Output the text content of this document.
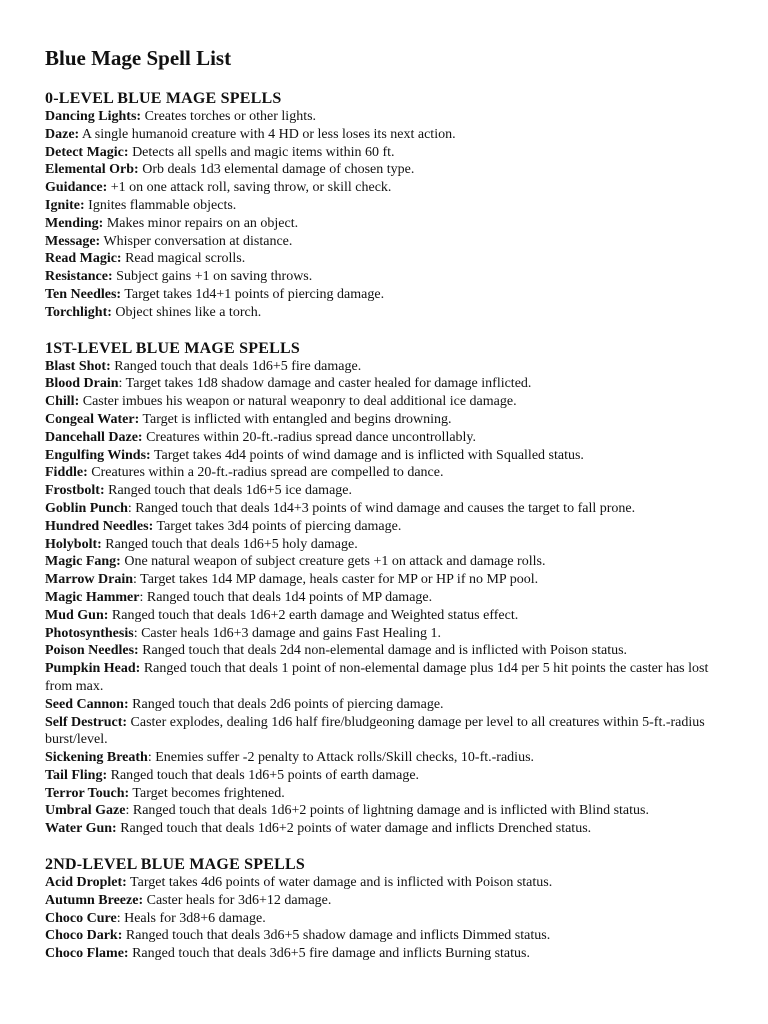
Blue Mage Spell List
0-LEVEL BLUE MAGE SPELLS
Dancing Lights: Creates torches or other lights.
Daze: A single humanoid creature with 4 HD or less loses its next action.
Detect Magic: Detects all spells and magic items within 60 ft.
Elemental Orb: Orb deals 1d3 elemental damage of chosen type.
Guidance: +1 on one attack roll, saving throw, or skill check.
Ignite: Ignites flammable objects.
Mending: Makes minor repairs on an object.
Message: Whisper conversation at distance.
Read Magic: Read magical scrolls.
Resistance: Subject gains +1 on saving throws.
Ten Needles: Target takes 1d4+1 points of piercing damage.
Torchlight: Object shines like a torch.
1ST-LEVEL BLUE MAGE SPELLS
Blast Shot: Ranged touch that deals 1d6+5 fire damage.
Blood Drain: Target takes 1d8 shadow damage and caster healed for damage inflicted.
Chill: Caster imbues his weapon or natural weaponry to deal additional ice damage.
Congeal Water: Target is inflicted with entangled and begins drowning.
Dancehall Daze: Creatures within 20-ft.-radius spread dance uncontrollably.
Engulfing Winds: Target takes 4d4 points of wind damage and is inflicted with Squalled status.
Fiddle: Creatures within a 20-ft.-radius spread are compelled to dance.
Frostbolt: Ranged touch that deals 1d6+5 ice damage.
Goblin Punch: Ranged touch that deals 1d4+3 points of wind damage and causes the target to fall prone.
Hundred Needles: Target takes 3d4 points of piercing damage.
Holybolt: Ranged touch that deals 1d6+5 holy damage.
Magic Fang: One natural weapon of subject creature gets +1 on attack and damage rolls.
Marrow Drain: Target takes 1d4 MP damage, heals caster for MP or HP if no MP pool.
Magic Hammer: Ranged touch that deals 1d4 points of MP damage.
Mud Gun: Ranged touch that deals 1d6+2 earth damage and Weighted status effect.
Photosynthesis: Caster heals 1d6+3 damage and gains Fast Healing 1.
Poison Needles: Ranged touch that deals 2d4 non-elemental damage and is inflicted with Poison status.
Pumpkin Head: Ranged touch that deals 1 point of non-elemental damage plus 1d4 per 5 hit points the caster has lost from max.
Seed Cannon: Ranged touch that deals 2d6 points of piercing damage.
Self Destruct: Caster explodes, dealing 1d6 half fire/bludgeoning damage per level to all creatures within 5-ft.-radius burst/level.
Sickening Breath: Enemies suffer -2 penalty to Attack rolls/Skill checks, 10-ft.-radius.
Tail Fling: Ranged touch that deals 1d6+5 points of earth damage.
Terror Touch: Target becomes frightened.
Umbral Gaze: Ranged touch that deals 1d6+2 points of lightning damage and is inflicted with Blind status.
Water Gun: Ranged touch that deals 1d6+2 points of water damage and inflicts Drenched status.
2ND-LEVEL BLUE MAGE SPELLS
Acid Droplet: Target takes 4d6 points of water damage and is inflicted with Poison status.
Autumn Breeze: Caster heals for 3d6+12 damage.
Choco Cure: Heals for 3d8+6 damage.
Choco Dark: Ranged touch that deals 3d6+5 shadow damage and inflicts Dimmed status.
Choco Flame: Ranged touch that deals 3d6+5 fire damage and inflicts Burning status.
